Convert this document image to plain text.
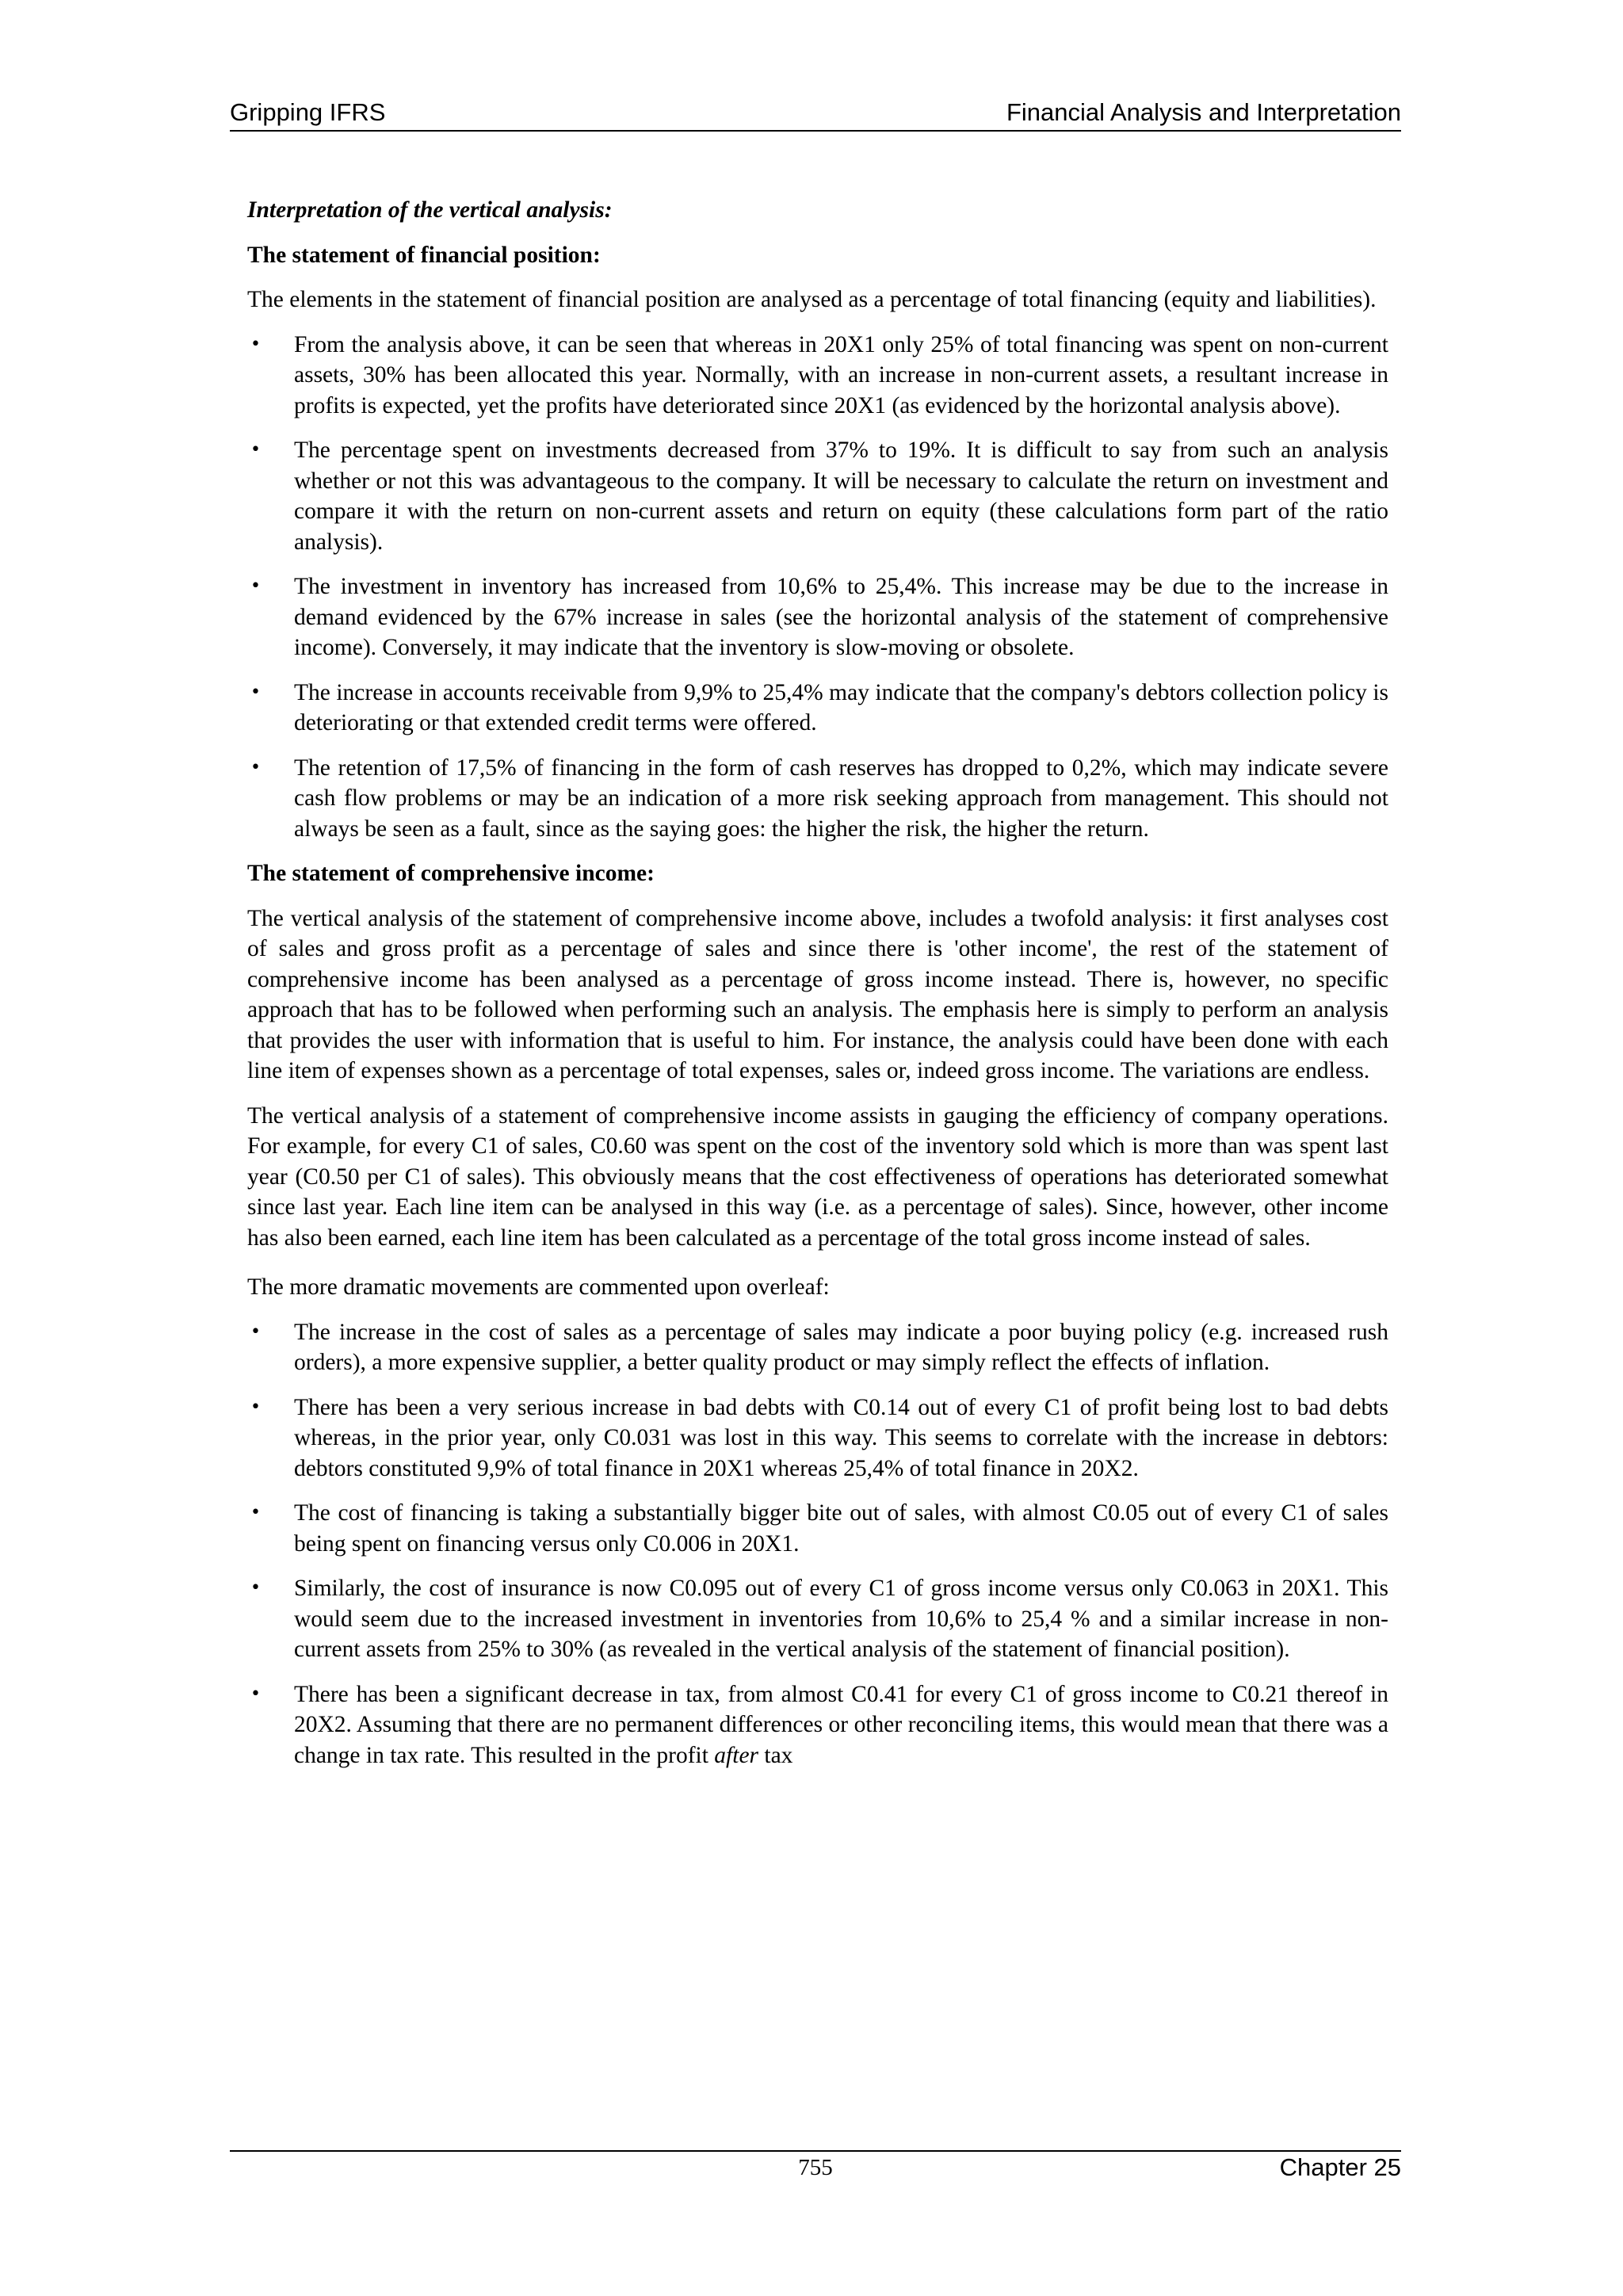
Gripping IFRS	Financial Analysis and Interpretation

Interpretation of the vertical analysis:

The statement of financial position:

The elements in the statement of financial position are analysed as a percentage of total financing (equity and liabilities).

• From the analysis above, it can be seen that whereas in 20X1 only 25% of total financing was spent on non-current assets, 30% has been allocated this year. Normally, with an increase in non-current assets, a resultant increase in profits is expected, yet the profits have deteriorated since 20X1 (as evidenced by the horizontal analysis above).
• The percentage spent on investments decreased from 37% to 19%. It is difficult to say from such an analysis whether or not this was advantageous to the company. It will be necessary to calculate the return on investment and compare it with the return on non-current assets and return on equity (these calculations form part of the ratio analysis).
• The investment in inventory has increased from 10,6% to 25,4%. This increase may be due to the increase in demand evidenced by the 67% increase in sales (see the horizontal analysis of the statement of comprehensive income). Conversely, it may indicate that the inventory is slow-moving or obsolete.
• The increase in accounts receivable from 9,9% to 25,4% may indicate that the company's debtors collection policy is deteriorating or that extended credit terms were offered.
• The retention of 17,5% of financing in the form of cash reserves has dropped to 0,2%, which may indicate severe cash flow problems or may be an indication of a more risk seeking approach from management. This should not always be seen as a fault, since as the saying goes: the higher the risk, the higher the return.

The statement of comprehensive income:

The vertical analysis of the statement of comprehensive income above, includes a twofold analysis: it first analyses cost of sales and gross profit as a percentage of sales and since there is 'other income', the rest of the statement of comprehensive income has been analysed as a percentage of gross income instead. There is, however, no specific approach that has to be followed when performing such an analysis. The emphasis here is simply to perform an analysis that provides the user with information that is useful to him. For instance, the analysis could have been done with each line item of expenses shown as a percentage of total expenses, sales or, indeed gross income. The variations are endless.

The vertical analysis of a statement of comprehensive income assists in gauging the efficiency of company operations. For example, for every C1 of sales, C0.60 was spent on the cost of the inventory sold which is more than was spent last year (C0.50 per C1 of sales). This obviously means that the cost effectiveness of operations has deteriorated somewhat since last year. Each line item can be analysed in this way (i.e. as a percentage of sales). Since, however, other income has also been earned, each line item has been calculated as a percentage of the total gross income instead of sales.

The more dramatic movements are commented upon overleaf:

• The increase in the cost of sales as a percentage of sales may indicate a poor buying policy (e.g. increased rush orders), a more expensive supplier, a better quality product or may simply reflect the effects of inflation.
• There has been a very serious increase in bad debts with C0.14 out of every C1 of profit being lost to bad debts whereas, in the prior year, only C0.031 was lost in this way. This seems to correlate with the increase in debtors: debtors constituted 9,9% of total finance in 20X1 whereas 25,4% of total finance in 20X2.
• The cost of financing is taking a substantially bigger bite out of sales, with almost C0.05 out of every C1 of sales being spent on financing versus only C0.006 in 20X1.
• Similarly, the cost of insurance is now C0.095 out of every C1 of gross income versus only C0.063 in 20X1. This would seem due to the increased investment in inventories from 10,6% to 25,4 % and a similar increase in non-current assets from 25% to 30% (as revealed in the vertical analysis of the statement of financial position).
• There has been a significant decrease in tax, from almost C0.41 for every C1 of gross income to C0.21 thereof in 20X2. Assuming that there are no permanent differences or other reconciling items, this would mean that there was a change in tax rate. This resulted in the profit after tax
755	Chapter 25
